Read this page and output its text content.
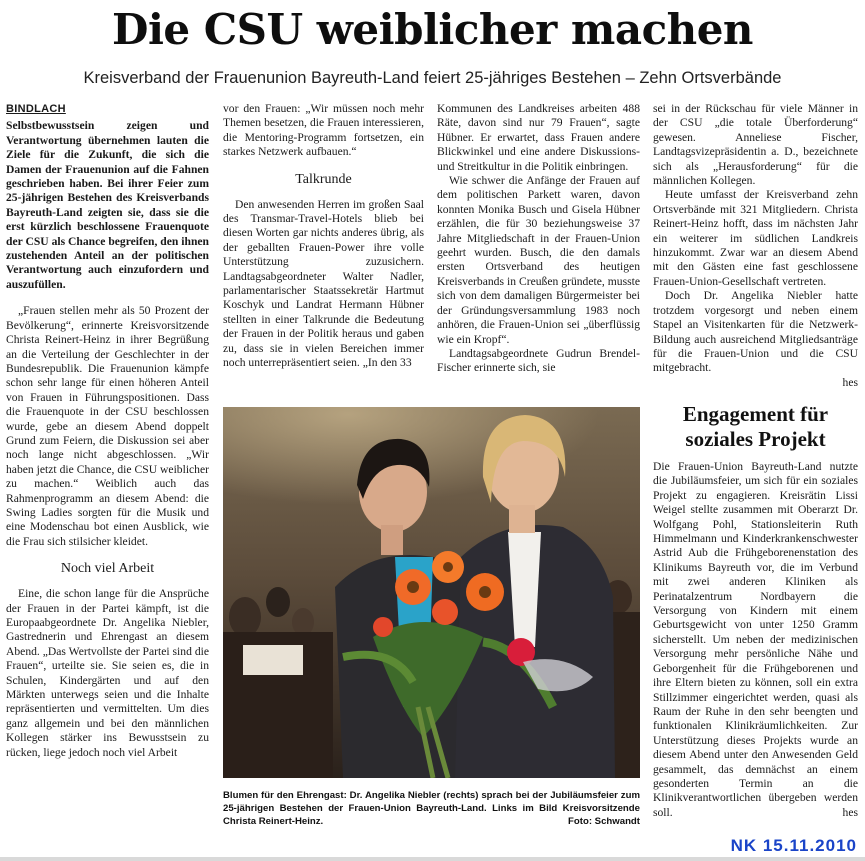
Die CSU weiblicher machen
Kreisverband der Frauenunion Bayreuth-Land feiert 25-jähriges Bestehen – Zehn Ortsverbände

BINDLACH

Selbstbewusstsein zeigen und Verantwortung übernehmen lauten die Ziele für die Zukunft, die sich die Damen der Frauenunion auf die Fahnen geschrieben haben. Bei ihrer Feier zum 25-jährigen Bestehen des Kreisverbands Bayreuth-Land zeigten sie, dass sie die erst kürzlich beschlossene Frauenquote der CSU als Chance begreifen, den ihnen zustehenden Anteil an der politischen Verantwortung auch einzufordern und auszufüllen.

„Frauen stellen mehr als 50 Prozent der Bevölkerung“, erinnerte Kreisvorsitzende Christa Reinert-Heinz in ihrer Begrüßung an die Verteilung der Geschlechter in der Bundesrepublik. Die Frauenunion kämpfe schon sehr lange für einen höheren Anteil von Frauen in Führungspositionen. Dass die Frauenquote in der CSU beschlossen wurde, gebe an diesem Abend doppelt Grund zum Feiern, die Diskussion sei aber noch lange nicht abgeschlossen. „Wir haben jetzt die Chance, die CSU weiblicher zu machen.“ Weiblich auch das Rahmenprogramm an diesem Abend: die Swing Ladies sorgten für die Musik und eine Modenschau bot einen Ausblick, wie die Frau sich stilsicher kleidet.

Noch viel Arbeit

Eine, die schon lange für die Ansprüche der Frauen in der Partei kämpft, ist die Europaabgeordnete Dr. Angelika Niebler, Gastrednerin und Ehrengast an diesem Abend. „Das Wertvollste der Partei sind die Frauen“, urteilte sie. Sie seien es, die in Schulen, Kindergärten und auf den Märkten unterwegs seien und die Inhalte repräsentierten und vermittelten. Um dies ganz allgemein und bei den männlichen Kollegen stärker ins Bewusstsein zu rücken, liege jedoch noch viel Arbeit

vor den Frauen: „Wir müssen noch mehr Themen besetzen, die Frauen interessieren, die Mentoring-Programm fortsetzen, ein starkes Netzwerk aufbauen.“

Talkrunde

Den anwesenden Herren im großen Saal des Transmar-Travel-Hotels blieb bei diesen Worten gar nichts anderes übrig, als der geballten Frauen-Power ihre volle Unterstützung zuzusichern. Landtagsabgeordneter Walter Nadler, parlamentarischer Staatssekretär Hartmut Koschyk und Landrat Hermann Hübner stellten in einer Talkrunde die Bedeutung der Frauen in der Politik heraus und gaben zu, dass sie in vielen Bereichen immer noch unterrepräsentiert seien. „In den 33

Kommunen des Landkreises arbeiten 488 Räte, davon sind nur 79 Frauen“, sagte Hübner. Er erwartet, dass Frauen andere Blickwinkel und eine andere Diskussions- und Streitkultur in die Politik einbringen.

Wie schwer die Anfänge der Frauen auf dem politischen Parkett waren, davon konnten Monika Busch und Gisela Hübner erzählen, die für 30 beziehungsweise 37 Jahre Mitgliedschaft in der Frauen-Union geehrt wurden. Busch, die den damals ersten Ortsverband des heutigen Kreisverbands in Creußen gründete, musste sich von dem damaligen Bürgermeister bei der Gründungsversammlung 1983 noch anhören, die Frauen-Union sei „überflüssig wie ein Kropf“.

Landtagsabgeordnete Gudrun Brendel-Fischer erinnerte sich, sie

sei in der Rückschau für viele Männer in der CSU „die totale Überforderung“ gewesen. Anneliese Fischer, Landtagsvizepräsidentin a. D., bezeichnete sich als „Herausforderung“ für die männlichen Kollegen.

Heute umfasst der Kreisverband zehn Ortsverbände mit 321 Mitgliedern. Christa Reinert-Heinz hofft, dass im nächsten Jahr ein weiterer im südlichen Landkreis hinzukommt. Zwar war an diesem Abend mit den Gästen eine fast geschlossene Frauen-Union-Gesellschaft vertreten.

Doch Dr. Angelika Niebler hatte trotzdem vorgesorgt und neben einem Stapel an Visitenkarten für die Netzwerk-Bildung auch ausreichend Mitgliedsanträge für die Frauen-Union und die CSU mitgebracht.

hes

Engagement für soziales Projekt

Die Frauen-Union Bayreuth-Land nutzte die Jubiläumsfeier, um sich für ein soziales Projekt zu engagieren. Kreisrätin Lissi Weigel stellte zusammen mit Oberarzt Dr. Wolfgang Pohl, Stationsleiterin Ruth Himmelmann und Kinderkrankenschwester Astrid Aub die Frühgeborenenstation des Klinikums Bayreuth vor, die im Verbund mit zwei anderen Kliniken als Perinatalzentrum Nordbayern die Versorgung von Kindern mit einem Geburtsgewicht von unter 1250 Gramm sicherstellt. Um neben der medizinischen Versorgung mehr persönliche Nähe und Geborgenheit für die Frühgeborenen und ihre Eltern bieten zu können, soll ein extra Stillzimmer eingerichtet werden, quasi als Raum der Ruhe in den sehr beengten und funktionalen Klinikräumlichkeiten. Zur Unterstützung dieses Projekts wurde an diesem Abend unter den Anwesenden Geld gesammelt, das demnächst an einem gesonderten Termin an die Klinikverantwortlichen übergeben werden soll.	hes

Blumen für den Ehrengast: Dr. Angelika Niebler (rechts) sprach bei der Jubiläumsfeier zum 25-jährigen Bestehen der Frauen-Union Bayreuth-Land. Links im Bild Kreisvorsitzende Christa Reinert-Heinz.	Foto: Schwandt
NK 15.11.2010
